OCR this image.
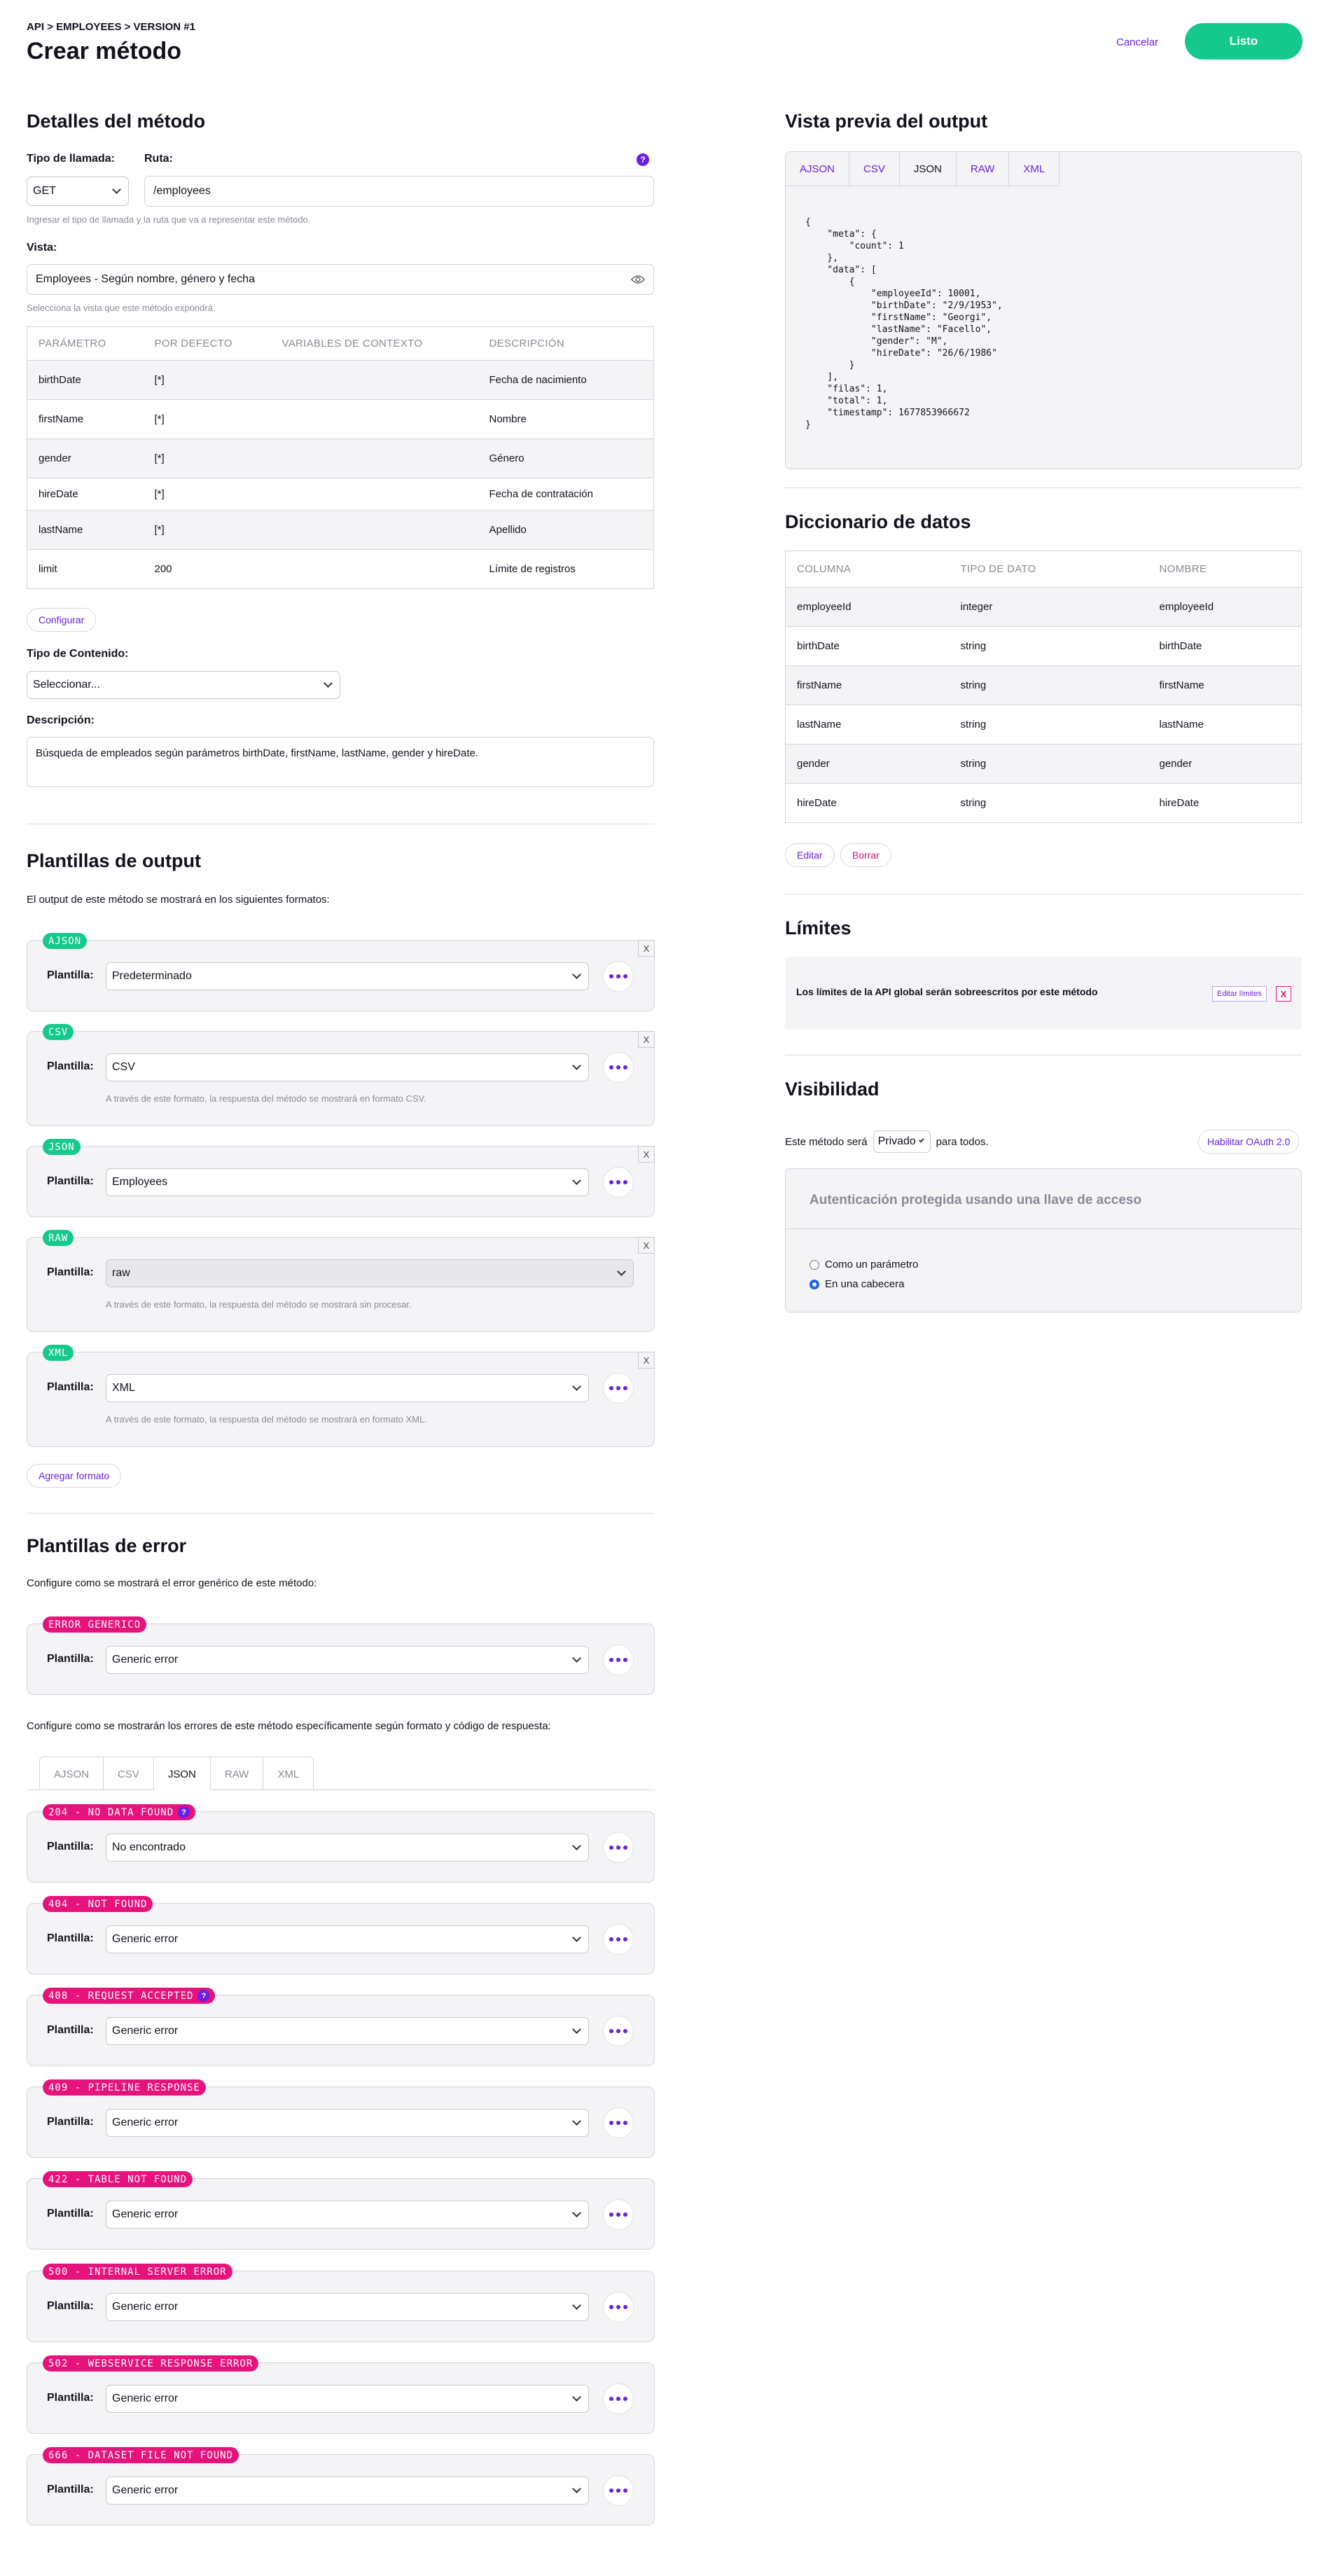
API > EMPLOYEES > VERSION #1
Crear método	Cancelar	Listo
Detalles del método
Tipo de llamada:	Ruta:	?
GET	/employees
Ingresar el tipo de llamada y la ruta que va a representar este método.
Vista:
Employees - Según nombre, género y fecha
Selecciona la vista que este método expondrá.
PARÁMETRO	POR DEFECTO	VARIABLES DE CONTEXTO	DESCRIPCIÓN
birthDate	[*]		Fecha de nacimiento
firstName	[*]		Nombre
gender	[*]		Género
hireDate	[*]		Fecha de contratación
lastName	[*]		Apellido
limit	200		Límite de registros
Configurar
Tipo de Contenido:
Seleccionar...
Descripción:
Búsqueda de empleados según parámetros birthDate, firstName, lastName, gender y hireDate.
Plantillas de output
El output de este método se mostrará en los siguientes formatos:
AJSON
X
Plantilla: Predeterminado
CSV
X
Plantilla: CSV
A través de este formato, la respuesta del método se mostrará en formato CSV.
JSON
X
Plantilla: Employees
RAW
X
Plantilla: raw
A través de este formato, la respuesta del método se mostrará sin procesar.
XML
X
Plantilla: XML
A través de este formato, la respuesta del método se mostrará en formato XML.
Agregar formato
Plantillas de error
Configure como se mostrará el error genérico de este método:
ERROR GENERICO
Plantilla: Generic error
Configure como se mostrarán los errores de este método específicamente según formato y código de respuesta:
AJSON	CSV	JSON	RAW	XML
204 - NO DATA FOUND	?
Plantilla: No encontrado
404 - NOT FOUND
Plantilla: Generic error
408 - REQUEST ACCEPTED	?
Plantilla: Generic error
409 - PIPELINE RESPONSE
Plantilla: Generic error
422 - TABLE NOT FOUND
Plantilla: Generic error
500 - INTERNAL SERVER ERROR
Plantilla: Generic error
502 - WEBSERVICE RESPONSE ERROR
Plantilla: Generic error
666 - DATASET FILE NOT FOUND
Plantilla: Generic error
Vista previa del output
AJSON	CSV	JSON	RAW	XML
{
"meta": {
"count": 1
},
"data": [
{
"employeeId": 10001,
"birthDate": "2/9/1953",
"firstName": "Georgi",
"lastName": "Facello",
"gender": "M",
"hireDate": "26/6/1986"
}
],
"filas": 1,
"total": 1,
"timestamp": 1677853966672
}
Diccionario de datos
COLUMNA	TIPO DE DATO	NOMBRE
employeeId	integer	employeeId
birthDate	string	birthDate
firstName	string	firstName
lastName	string	lastName
gender	string	gender
hireDate	string	hireDate
Editar	Borrar
Límites
Los límites de la API global serán sobreescritos por este método	Editar límites	X
Visibilidad
Este método será Privado para todos.	Habilitar OAuth 2.0
Autenticación protegida usando una llave de acceso
Como un parámetro
En una cabecera
